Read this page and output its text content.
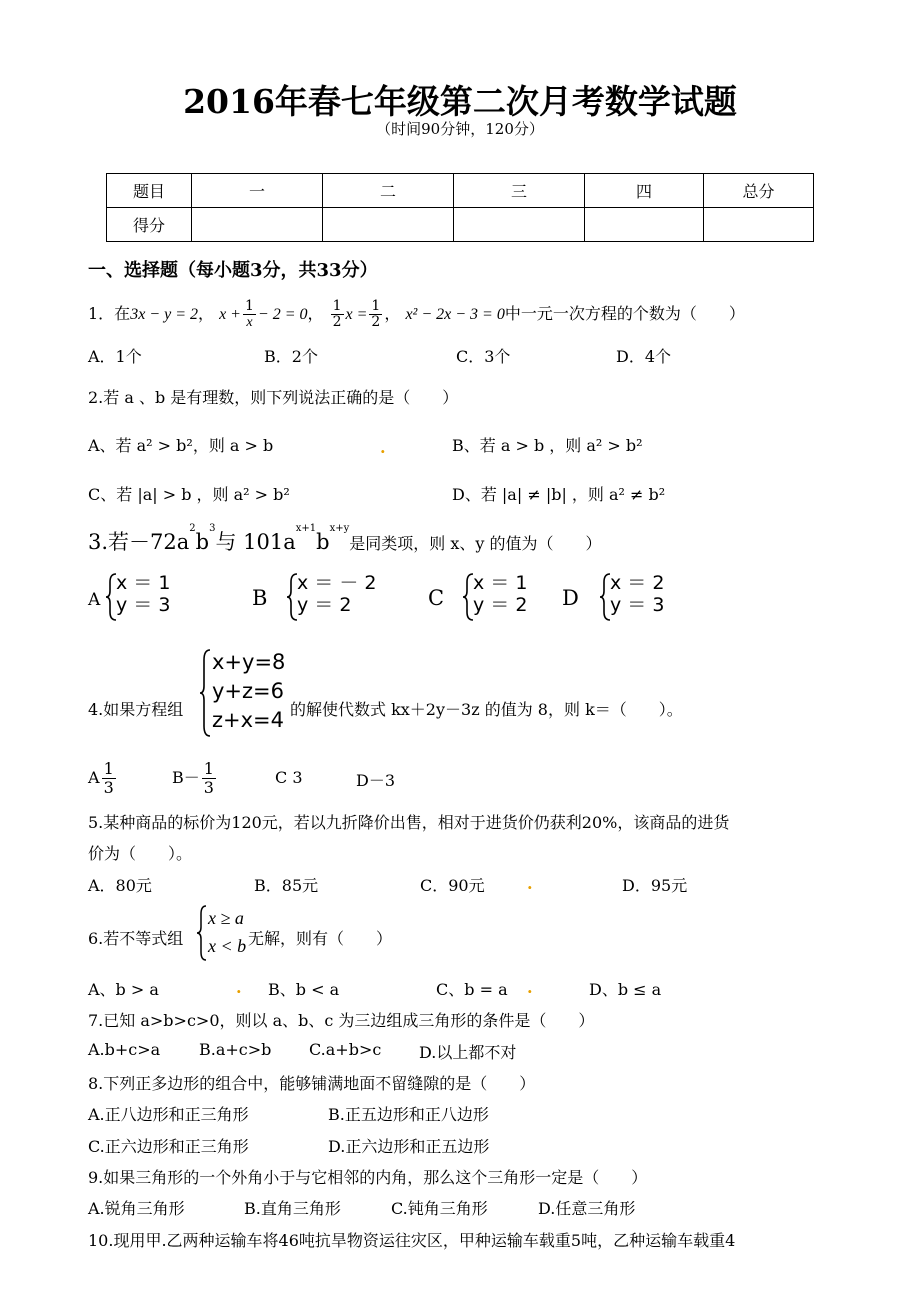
2016年春七年级第二次月考数学试题
（时间90分钟，120分）
题目	一	二	三	四	总分
得分					
一、选择题（每小题3分，共33分）
1．在3x − y = 2， $x + \frac{1}{x} - 2 = 0$， $\frac{1}{2}$ $x = \frac{1}{2}$ ， x² − 2x − 3 = 0中一元一次方程的个数为（　　）
A．1个	B．2个	C．3个	D．4个
2.若 a 、b 是有理数，则下列说法正确的是（　　）
A、若 a² > b²，则 a > b	.	B、若 a > b ，则 a² > b²
C、若 |a| > b ，则 a² > b²	D、若 |a| ≠ |b| ，则 a² ≠ b²
3.若$-72a^2b^3$与 $101a^{x+1}b^{x+y}$是同类项，则 x、y 的值为（　　）
A
x ＝ 1
y ＝ 3	B
x ＝ － 2
y ＝ 2	C
x ＝ 1
y ＝ 2 D
x ＝ 2
y ＝ 3
4.如果方程组
x+y=8
y+z=6
z+x=4 的解使代数式 kx＋2y－3z 的值为 8，则 k＝（　　）。
A $\frac{1}{3}$	$B- \frac{1}{3}$	C 3	D－3
5.某种商品的标价为120元，若以九折降价出售，相对于进货价仍获利20%，该商品的进货
价为（　　）。
A．80元	B．85元	C．90元	.	D．95元
6.若不等式组
x ≥ a
x < b 无解，则有（　　）
A、b > a	. B、b < a	C、b = a .	D、b ≤ a
7.已知 a>b>c>0，则以 a、b、c 为三边组成三角形的条件是（　　）
A.b+c>a B.a+c>b C.a+b>c D.以上都不对
8.下列正多边形的组合中，能够铺满地面不留缝隙的是（　　）
A.正八边形和正三角形	B.正五边形和正八边形
C.正六边形和正三角形	D.正六边形和正五边形
9.如果三角形的一个外角小于与它相邻的内角，那么这个三角形一定是（　　）
A.锐角三角形	B.直角三角形	C.钝角三角形	D.任意三角形
10.现用甲.乙两种运输车将46吨抗旱物资运往灾区，甲种运输车载重5吨，乙种运输车载重4
